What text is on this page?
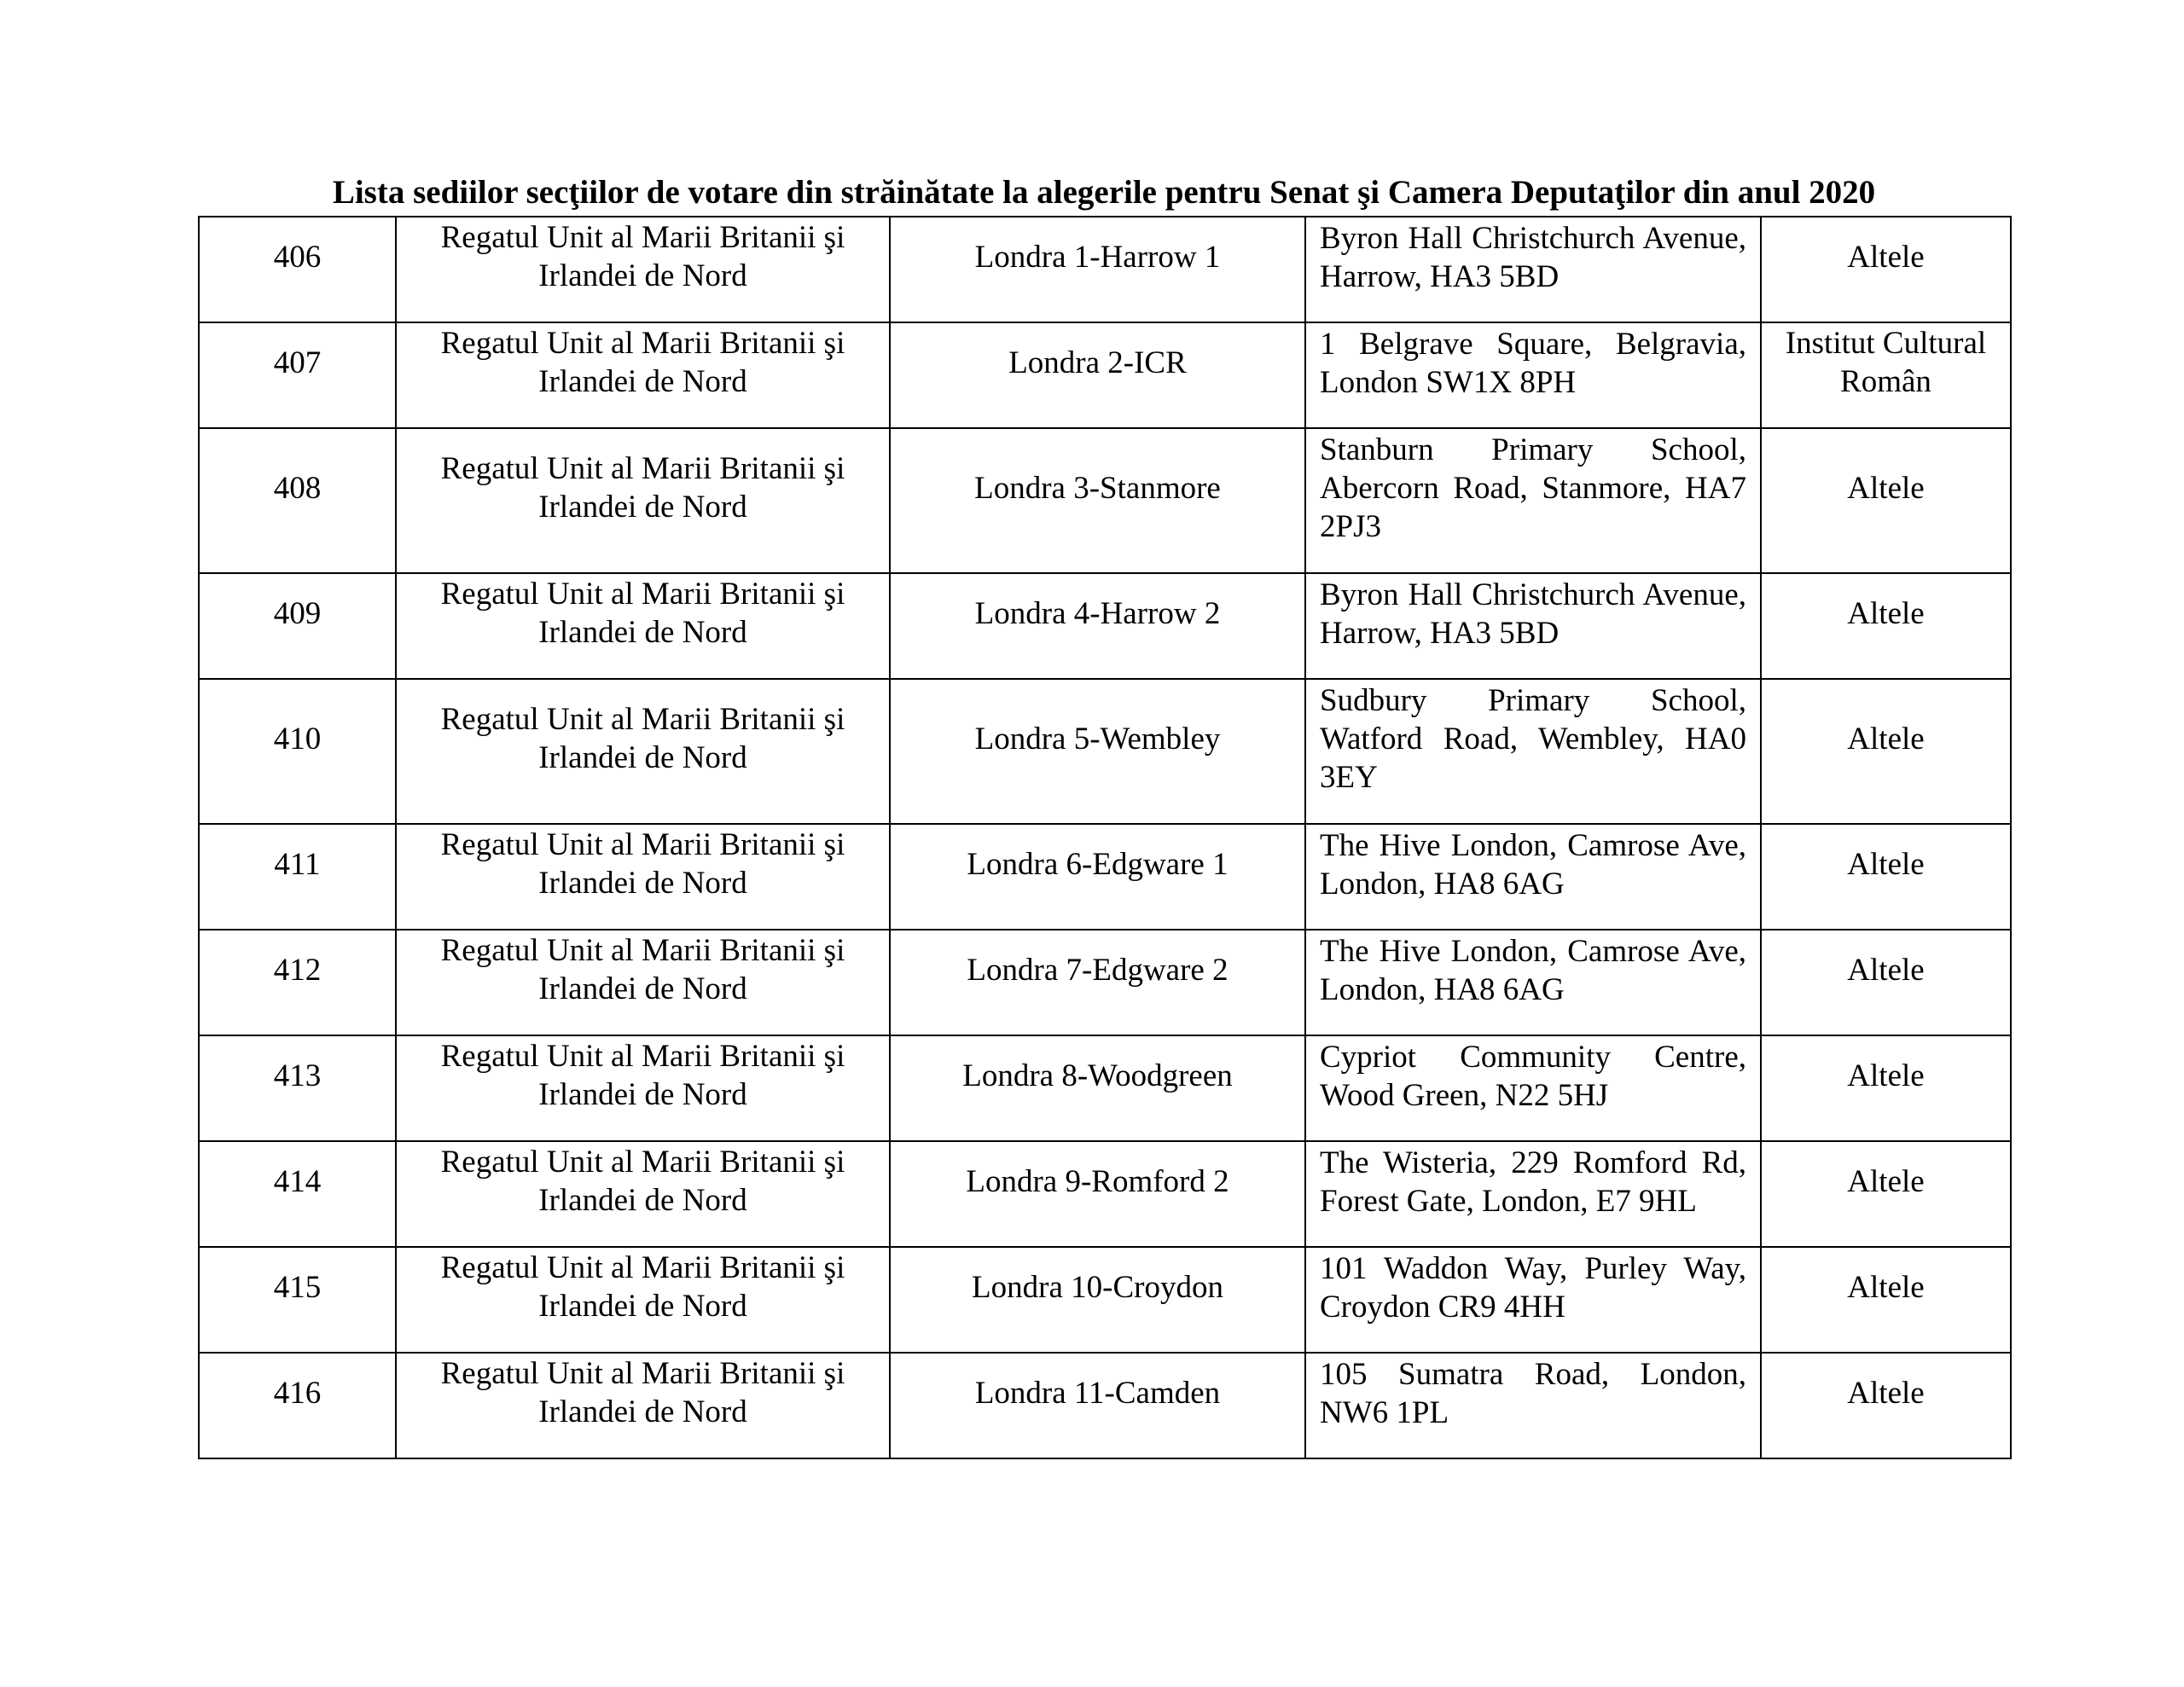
Lista sediilor secţiilor de votare din străinătate la alegerile pentru Senat şi Camera Deputaţilor din anul 2020
406	Regatul Unit al Marii Britanii şi Irlandei de Nord	Londra 1-Harrow 1	Byron Hall Christchurch Avenue, Harrow, HA3 5BD	Altele
407	Regatul Unit al Marii Britanii şi Irlandei de Nord	Londra 2-ICR	1 Belgrave Square, Belgravia, London SW1X 8PH	Institut Cultural Român
408	Regatul Unit al Marii Britanii şi Irlandei de Nord	Londra 3-Stanmore	Stanburn Primary School, Abercorn Road, Stanmore, HA7 2PJ3	Altele
409	Regatul Unit al Marii Britanii şi Irlandei de Nord	Londra 4-Harrow 2	Byron Hall Christchurch Avenue, Harrow, HA3 5BD	Altele
410	Regatul Unit al Marii Britanii şi Irlandei de Nord	Londra 5-Wembley	Sudbury Primary School, Watford Road, Wembley, HA0 3EY	Altele
411	Regatul Unit al Marii Britanii şi Irlandei de Nord	Londra 6-Edgware 1	The Hive London, Camrose Ave, London, HA8 6AG	Altele
412	Regatul Unit al Marii Britanii şi Irlandei de Nord	Londra 7-Edgware 2	The Hive London, Camrose Ave, London, HA8 6AG	Altele
413	Regatul Unit al Marii Britanii şi Irlandei de Nord	Londra 8-Woodgreen	Cypriot Community Centre, Wood Green, N22 5HJ	Altele
414	Regatul Unit al Marii Britanii şi Irlandei de Nord	Londra 9-Romford 2	The Wisteria, 229 Romford Rd, Forest Gate, London, E7 9HL	Altele
415	Regatul Unit al Marii Britanii şi Irlandei de Nord	Londra 10-Croydon	101 Waddon Way, Purley Way, Croydon CR9 4HH	Altele
416	Regatul Unit al Marii Britanii şi Irlandei de Nord	Londra 11-Camden	105 Sumatra Road, London, NW6 1PL	Altele
